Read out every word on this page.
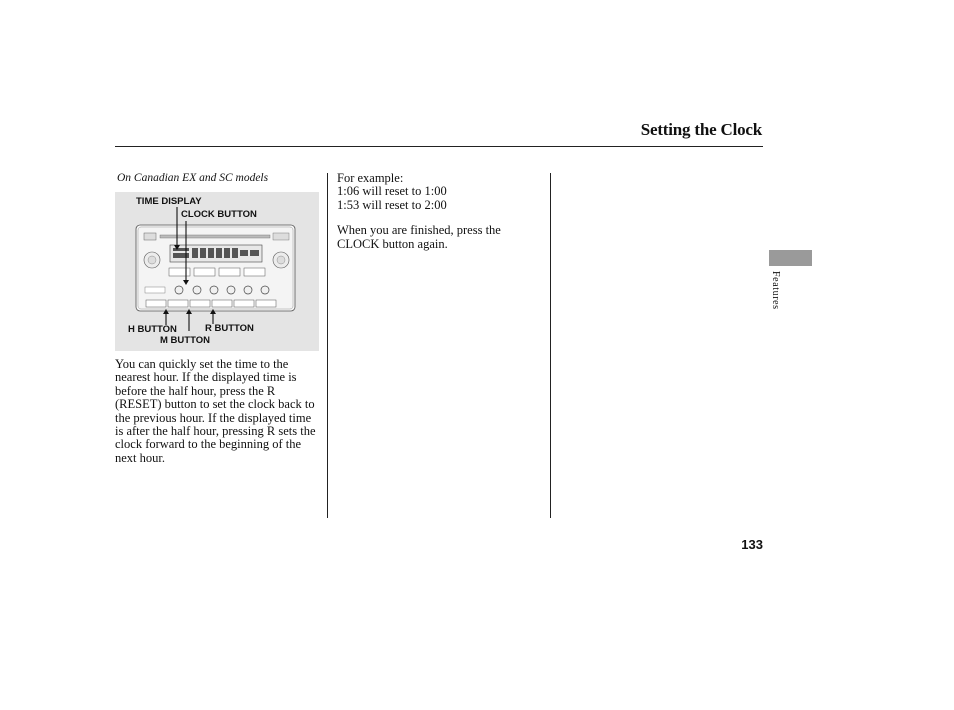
Setting the Clock
On Canadian EX and SC models
TIME DISPLAY
CLOCK BUTTON
H BUTTON	R BUTTON
M BUTTON
You can quickly set the time to the nearest hour. If the displayed time is before the half hour, press the R (RESET) button to set the clock back to the previous hour. If the displayed time is after the half hour, pressing R sets the clock forward to the beginning of the next hour.

For example:

1:06 will reset to 1:00

1:53 will reset to 2:00

When you are finished, press the CLOCK button again.

Features
133
